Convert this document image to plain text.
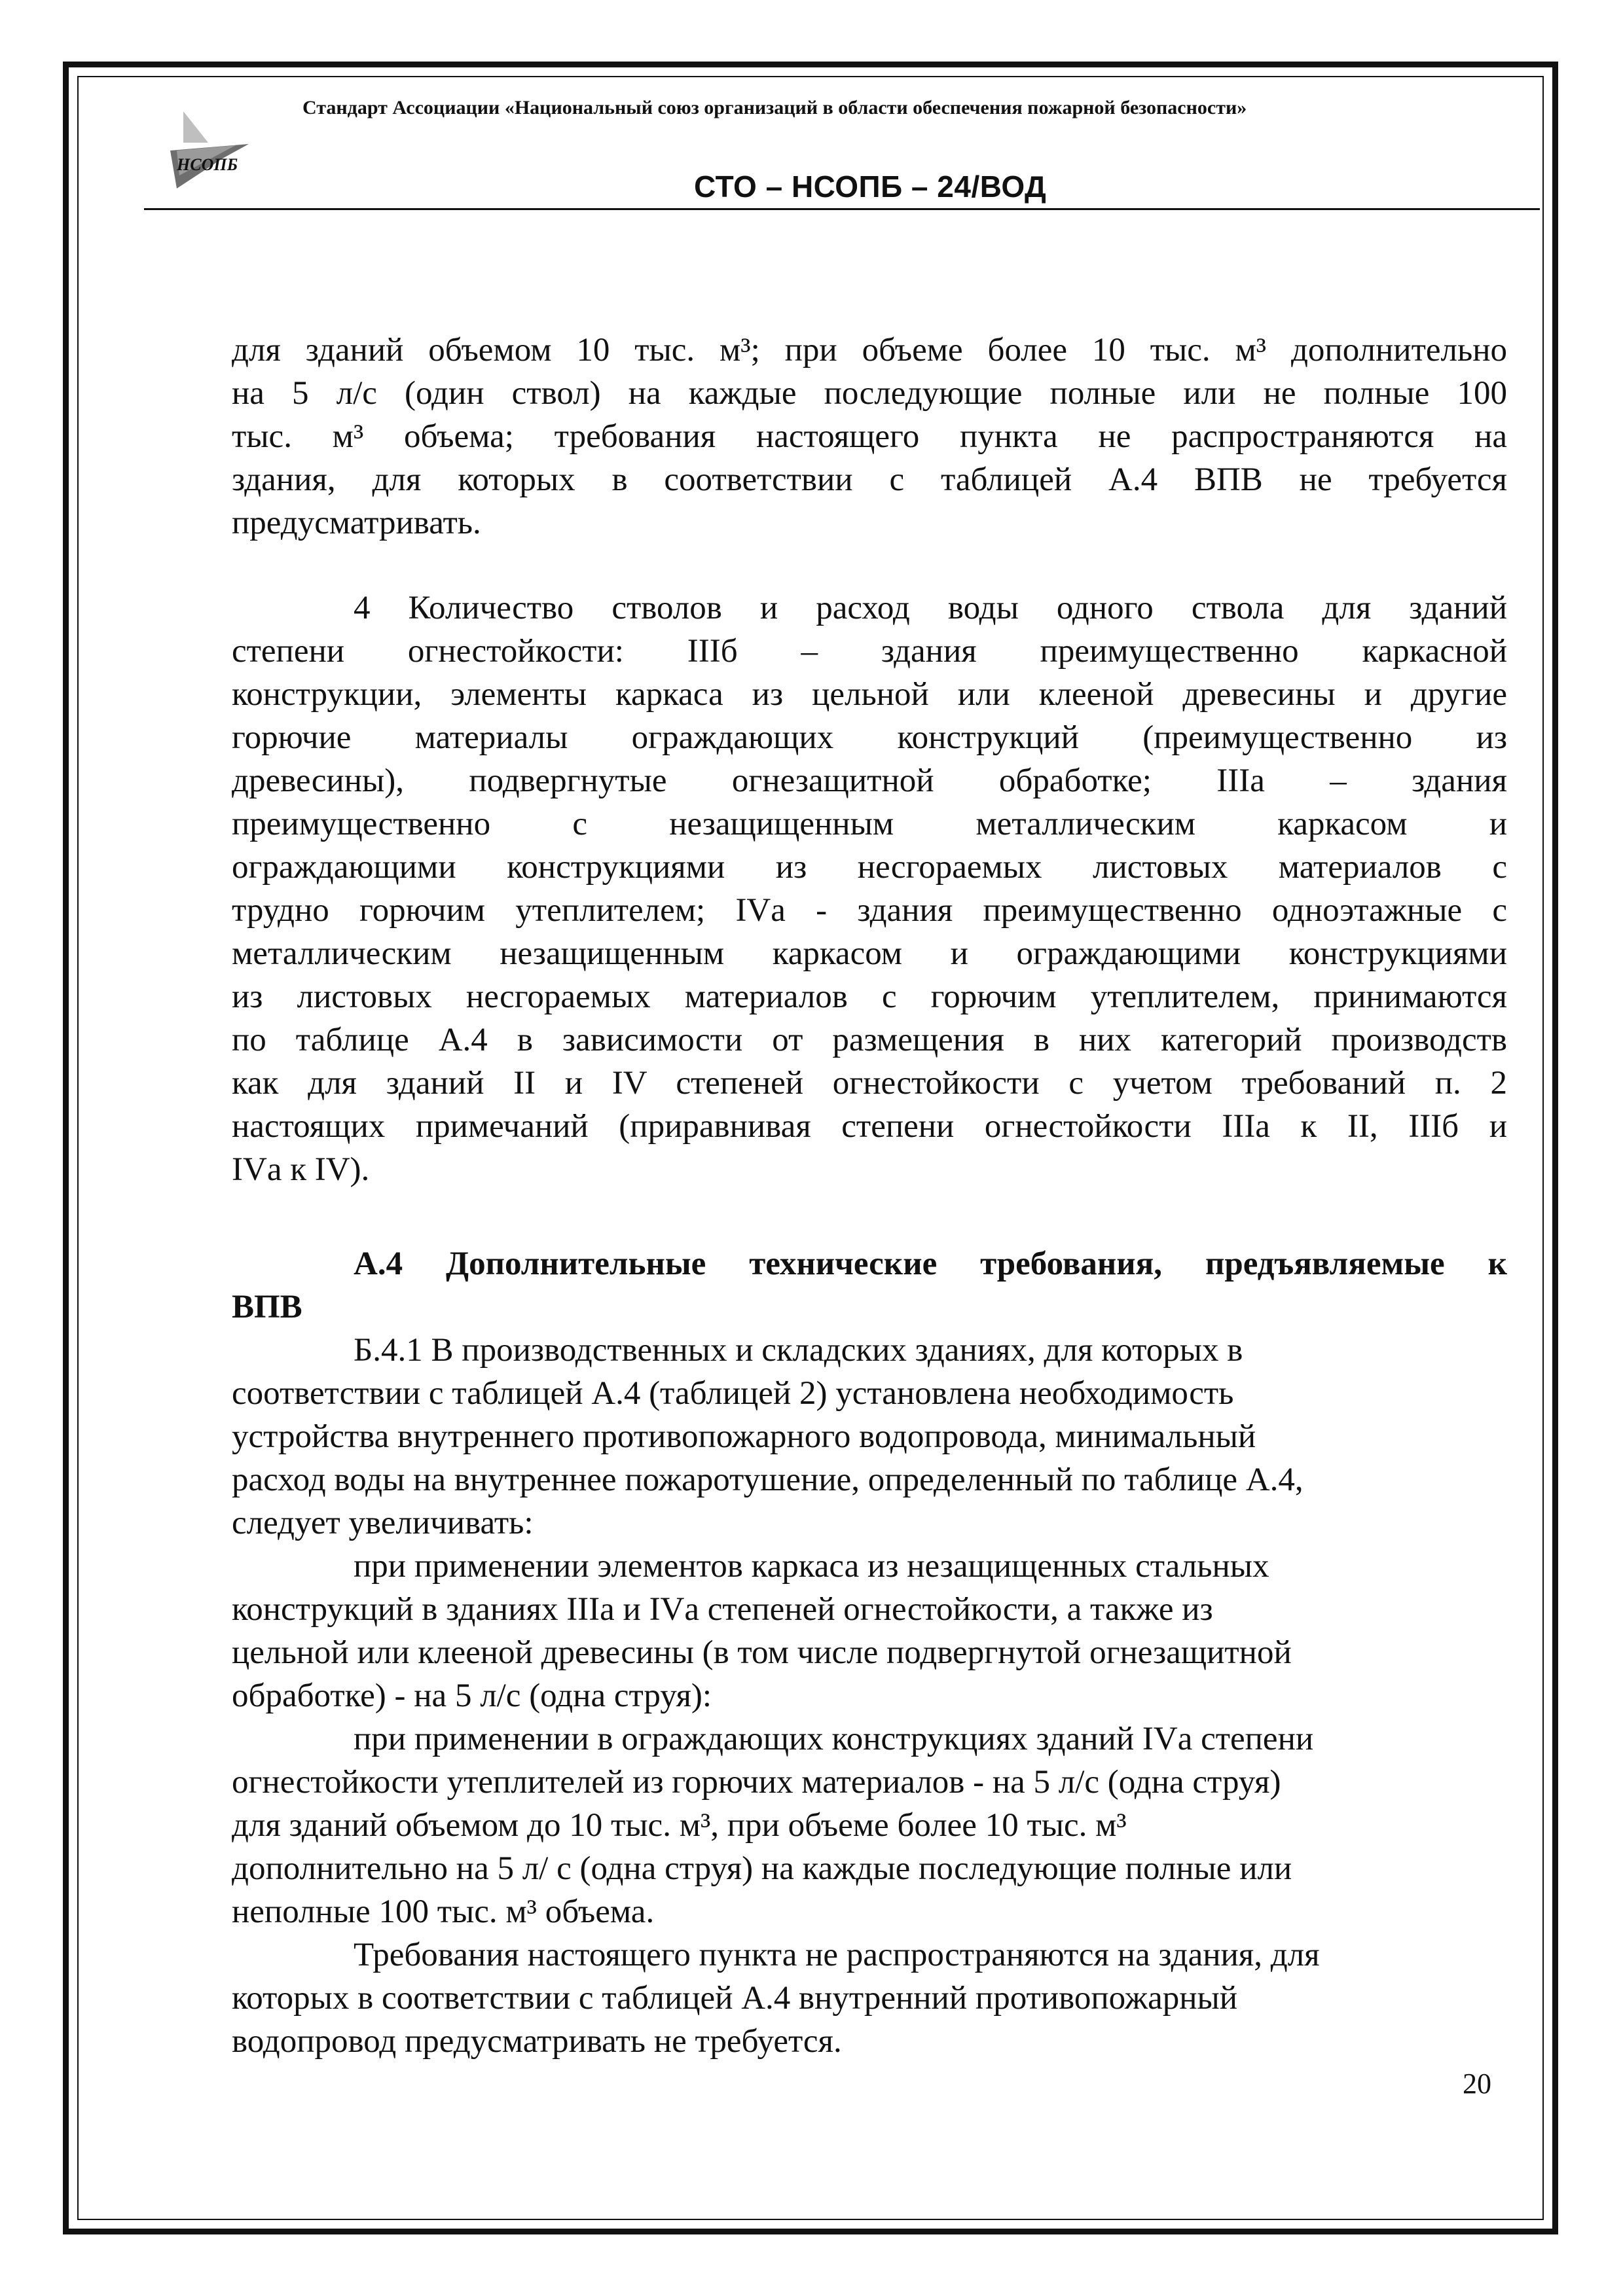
НСОПБ
Стандарт Ассоциации «Национальный союз организаций в области обеспечения пожарной безопасности»
СТО – НСОПБ – 24/ВОД

для зданий объемом 10 тыс. м³; при объеме более 10 тыс. м³ дополнительно

на 5 л/с (один ствол) на каждые последующие полные или не полные 100

тыс. м³ объема; требования настоящего пункта не распространяются на

здания, для которых в соответствии с таблицей А.4 ВПВ не требуется

предусматривать.

4 Количество стволов и расход воды одного ствола для зданий

степени огнестойкости: IIIб – здания преимущественно каркасной

конструкции, элементы каркаса из цельной или клееной древесины и другие

горючие материалы ограждающих конструкций (преимущественно из

древесины), подвергнутые огнезащитной обработке; IIIа – здания

преимущественно с незащищенным металлическим каркасом и

ограждающими конструкциями из несгораемых листовых материалов с

трудно горючим утеплителем; IVа - здания преимущественно одноэтажные с

металлическим незащищенным каркасом и ограждающими конструкциями

из листовых несгораемых материалов с горючим утеплителем, принимаются

по таблице А.4 в зависимости от размещения в них категорий производств

как для зданий II и IV степеней огнестойкости с учетом требований п. 2

настоящих примечаний (приравнивая степени огнестойкости IIIа к II, IIIб и

IVа к IV).

А.4 Дополнительные технические требования, предъявляемые к

ВПВ

Б.4.1 В производственных и складских зданиях, для которых в

соответствии с таблицей А.4 (таблицей 2) установлена необходимость

устройства внутреннего противопожарного водопровода, минимальный

расход воды на внутреннее пожаротушение, определенный по таблице А.4,

следует увеличивать:

при применении элементов каркаса из незащищенных стальных

конструкций в зданиях IIIа и IVа степеней огнестойкости, а также из

цельной или клееной древесины (в том числе подвергнутой огнезащитной

обработке) - на 5 л/с (одна струя):

при применении в ограждающих конструкциях зданий IVа степени

огнестойкости утеплителей из горючих материалов - на 5 л/с (одна струя)

для зданий объемом до 10 тыс. м³, при объеме более 10 тыс. м³

дополнительно на 5 л/ с (одна струя) на каждые последующие полные или

неполные 100 тыс. м³ объема.

Требования настоящего пункта не распространяются на здания, для

которых в соответствии с таблицей А.4 внутренний противопожарный

водопровод предусматривать не требуется.

20
